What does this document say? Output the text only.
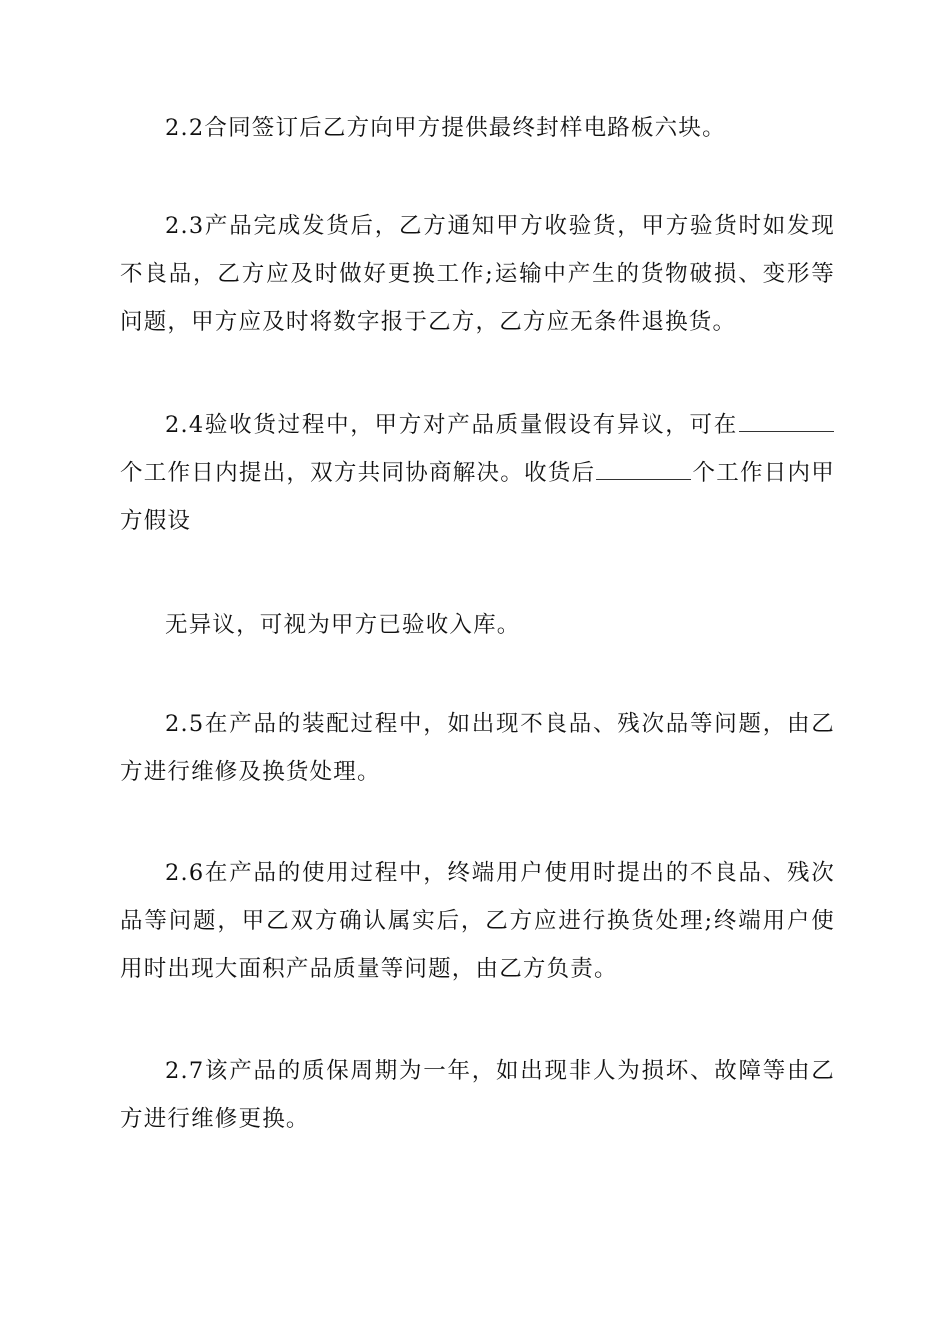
2.2合同签订后乙方向甲方提供最终封样电路板六块。

2.3产品完成发货后，乙方通知甲方收验货，甲方验货时如发现不良品，乙方应及时做好更换工作;运输中产生的货物破损、变形等问题，甲方应及时将数字报于乙方，乙方应无条件退换货。

2.4验收货过程中，甲方对产品质量假设有异议，可在个工作日内提出，双方共同协商解决。收货后	个工作日内甲方假设

无异议，可视为甲方已验收入库。

2.5在产品的装配过程中，如出现不良品、残次品等问题，由乙方进行维修及换货处理。

2.6在产品的使用过程中，终端用户使用时提出的不良品、残次品等问题，甲乙双方确认属实后，乙方应进行换货处理;终端用户使用时出现大面积产品质量等问题，由乙方负责。

2.7该产品的质保周期为一年，如出现非人为损坏、故障等由乙方进行维修更换。
